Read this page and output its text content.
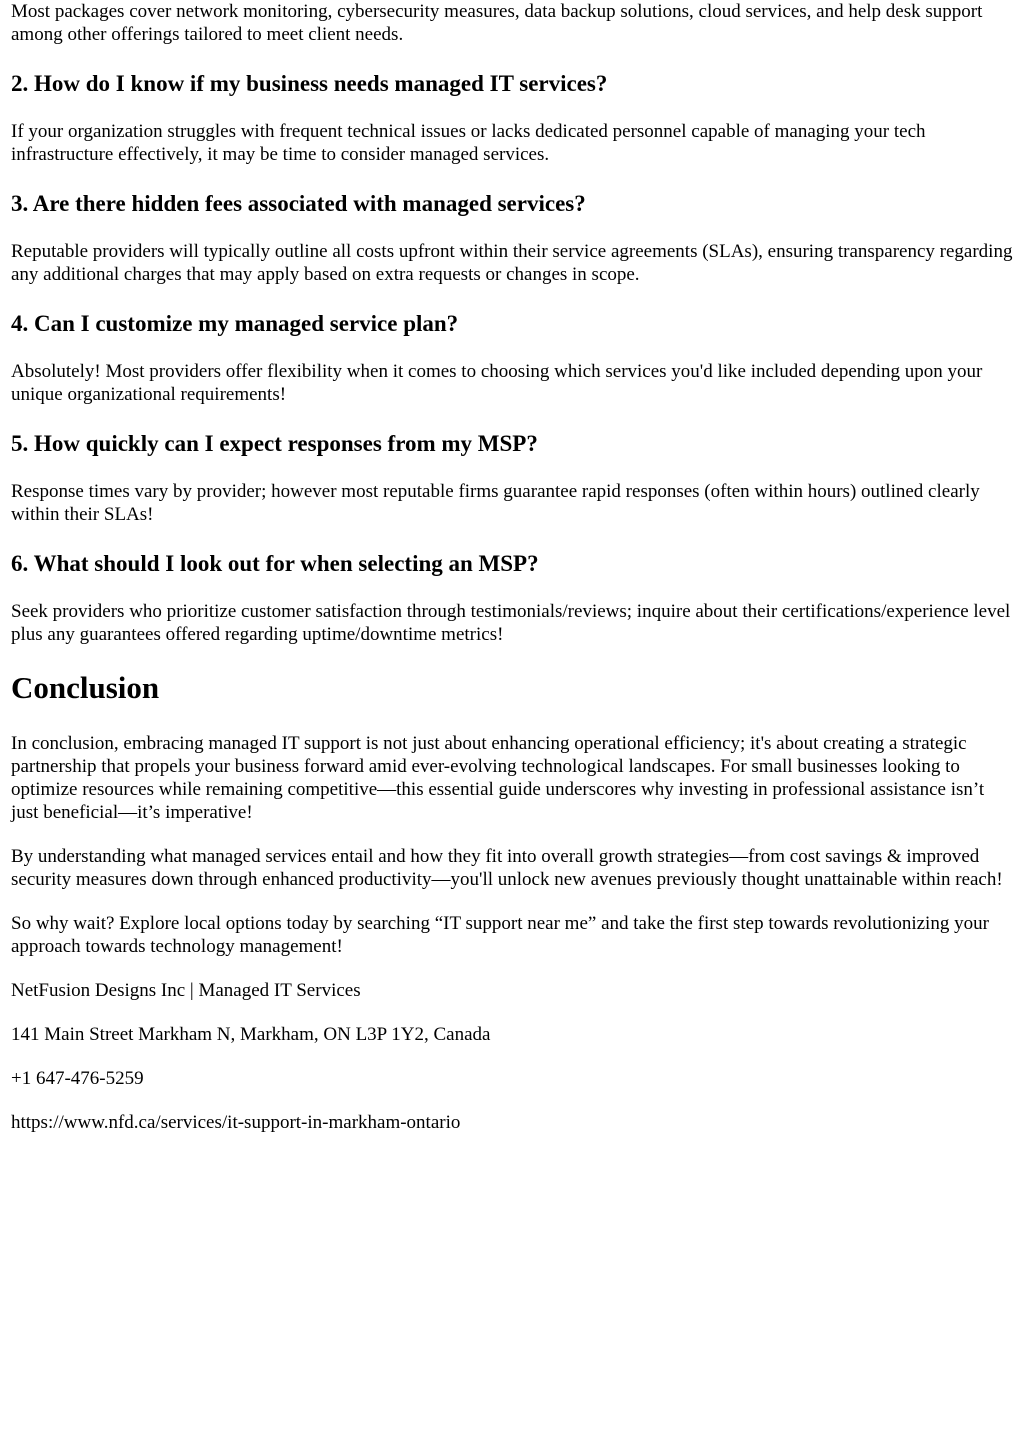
Most packages cover network monitoring, cybersecurity measures, data backup solutions, cloud services, and help desk support among other offerings tailored to meet client needs.

2. How do I know if my business needs managed IT services?

If your organization struggles with frequent technical issues or lacks dedicated personnel capable of managing your tech infrastructure effectively, it may be time to consider managed services.

3. Are there hidden fees associated with managed services?

Reputable providers will typically outline all costs upfront within their service agreements (SLAs), ensuring transparency regarding any additional charges that may apply based on extra requests or changes in scope.

4. Can I customize my managed service plan?

Absolutely! Most providers offer flexibility when it comes to choosing which services you'd like included depending upon your unique organizational requirements!

5. How quickly can I expect responses from my MSP?

Response times vary by provider; however most reputable firms guarantee rapid responses (often within hours) outlined clearly within their SLAs!

6. What should I look out for when selecting an MSP?

Seek providers who prioritize customer satisfaction through testimonials/reviews; inquire about their certifications/experience level plus any guarantees offered regarding uptime/downtime metrics!

Conclusion

In conclusion, embracing managed IT support is not just about enhancing operational efficiency; it's about creating a strategic partnership that propels your business forward amid ever-evolving technological landscapes. For small businesses looking to optimize resources while remaining competitive—this essential guide underscores why investing in professional assistance isn’t just beneficial—it’s imperative!

By understanding what managed services entail and how they fit into overall growth strategies—from cost savings & improved security measures down through enhanced productivity—you'll unlock new avenues previously thought unattainable within reach!

So why wait? Explore local options today by searching “IT support near me” and take the first step towards revolutionizing your approach towards technology management!

NetFusion Designs Inc | Managed IT Services

141 Main Street Markham N, Markham, ON L3P 1Y2, Canada

+1 647-476-5259

https://www.nfd.ca/services/it-support-in-markham-ontario
